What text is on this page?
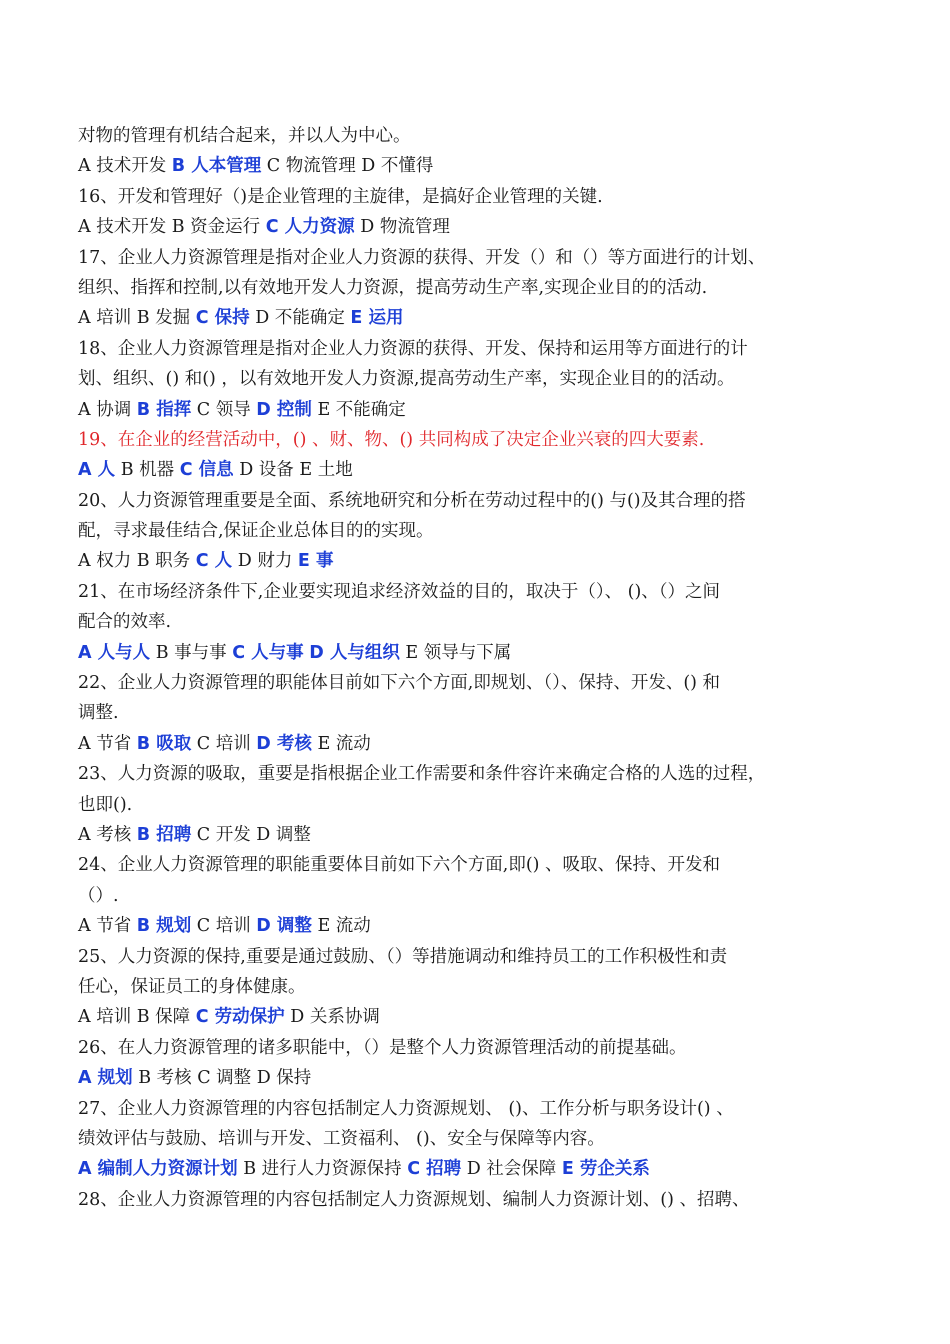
对物的管理有机结合起来，并以人为中心。
A 技术开发 B 人本管理 C 物流管理 D 不懂得
16、开发和管理好（)是企业管理的主旋律，是搞好企业管理的关键.
A 技术开发 B 资金运行 C 人力资源 D 物流管理
17、企业人力资源管理是指对企业人力资源的获得、开发（）和（）等方面进行的计划、
组织、指挥和控制,以有效地开发人力资源，提高劳动生产率,实现企业目的的活动.
A 培训 B 发掘 C 保持 D 不能确定 E 运用
18、企业人力资源管理是指对企业人力资源的获得、开发、保持和运用等方面进行的计
划、组织、() 和() ，以有效地开发人力资源,提高劳动生产率，实现企业目的的活动。
A 协调 B 指挥 C 领导 D 控制 E 不能确定
19、在企业的经营活动中，() 、财、物、() 共同构成了决定企业兴衰的四大要素.
A 人 B 机器 C 信息 D 设备 E 土地
20、人力资源管理重要是全面、系统地研究和分析在劳动过程中的() 与()及其合理的搭
配，寻求最佳结合,保证企业总体目的的实现。
A 权力 B 职务 C 人 D 财力 E 事
21、在市场经济条件下,企业要实现追求经济效益的目的，取决于（）、 ()、（）之间
配合的效率.
A 人与人 B 事与事 C 人与事 D 人与组织 E 领导与下属
22、企业人力资源管理的职能体目前如下六个方面,即规划、（）、保持、开发、() 和
调整.
A 节省 B 吸取 C 培训 D 考核 E 流动
23、人力资源的吸取，重要是指根据企业工作需要和条件容许来确定合格的人选的过程，
也即().
A 考核 B 招聘 C 开发 D 调整
24、企业人力资源管理的职能重要体目前如下六个方面,即() 、吸取、保持、开发和
（）.
A 节省 B 规划 C 培训 D 调整 E 流动
25、人力资源的保持,重要是通过鼓励、（）等措施调动和维持员工的工作积极性和责
任心，保证员工的身体健康。
A 培训 B 保障 C 劳动保护 D 关系协调
26、在人力资源管理的诸多职能中，（）是整个人力资源管理活动的前提基础。
A 规划 B 考核 C 调整 D 保持
27、企业人力资源管理的内容包括制定人力资源规划、 ()、工作分析与职务设计() 、
绩效评估与鼓励、培训与开发、工资福利、 ()、安全与保障等内容。
A 编制人力资源计划 B 进行人力资源保持 C 招聘 D 社会保障 E 劳企关系
28、企业人力资源管理的内容包括制定人力资源规划、编制人力资源计划、() 、招聘、
